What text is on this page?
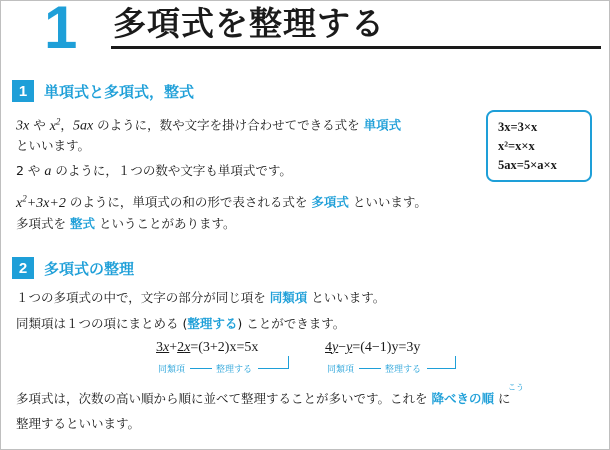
1 多項式を整理する
1	単項式と多項式，整式
3x や $x^2$，5ax のように，数や文字を掛け合わせてできる式を 単項式
といいます。
2 や a のように，１つの数や文字も単項式です。
$x^2+3x+2$ のように，単項式の和の形で表される式を 多項式 といいます。
多項式を 整式 ということがあります。
3x=3×x
x²=x×x
5ax=5×a×x
2	多項式の整理
１つの多項式の中で，文字の部分が同じ項を 同類項 といいます。
同類項は１つの項にまとめる (整理する) ことができます。
3x+2x=(3+2)x=5x
同類項	整理する
4y−y=(4−1)y=3y
同類項	整理する
こう
多項式は，次数の高い順から順に並べて整理することが多いです。これを 降べきの順 に
整理するといいます。
